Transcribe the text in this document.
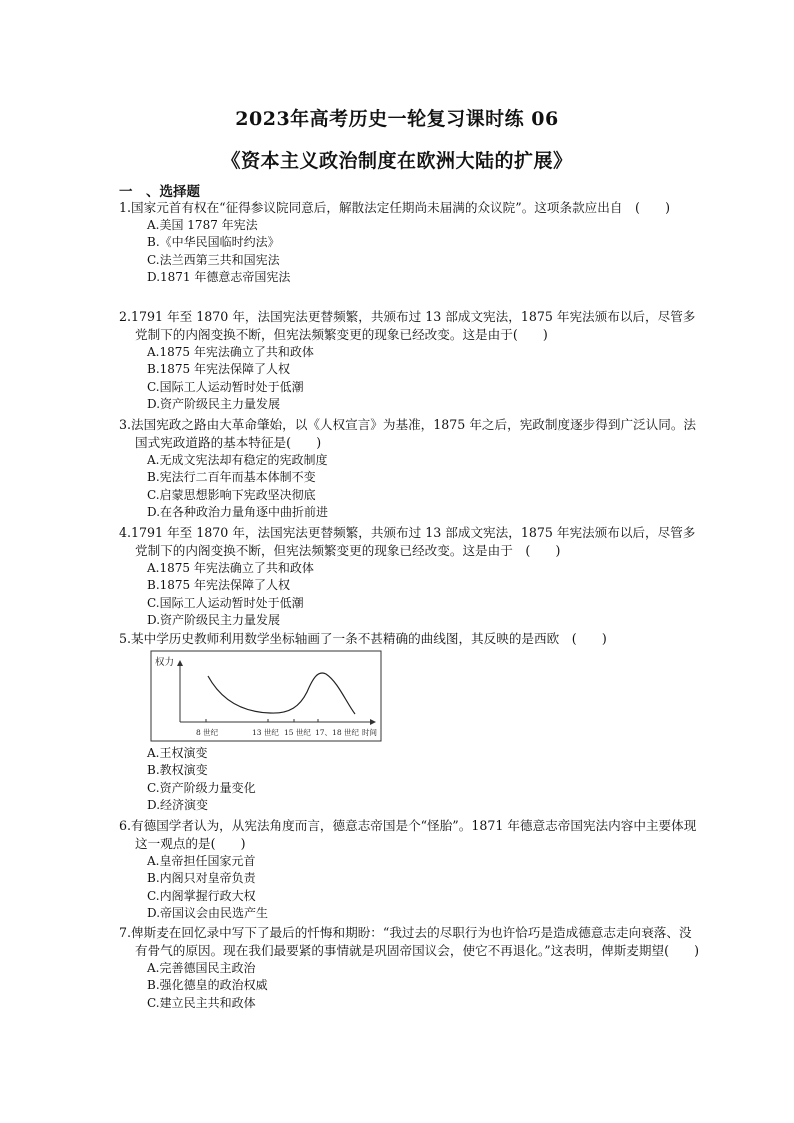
2023年高考历史一轮复习课时练 06
《资本主义政治制度在欧洲大陆的扩展》
一　、选择题
1.国家元首有权在“征得参议院同意后，解散法定任期尚未届满的众议院”。这项条款应出自　(　　)
A.美国 1787 年宪法
B.《中华民国临时约法》
C.法兰西第三共和国宪法
D.1871 年德意志帝国宪法
2.1791 年至 1870 年，法国宪法更替频繁，共颁布过 13 部成文宪法，1875 年宪法颁布以后，尽管多党制下的内阁变换不断，但宪法频繁变更的现象已经改变。这是由于(　　)
A.1875 年宪法确立了共和政体
B.1875 年宪法保障了人权
C.国际工人运动暂时处于低潮
D.资产阶级民主力量发展
3.法国宪政之路由大革命肇始，以《人权宣言》为基准，1875 年之后，宪政制度逐步得到广泛认同。法国式宪政道路的基本特征是(　　)
A.无成文宪法却有稳定的宪政制度
B.宪法行二百年而基本体制不变
C.启蒙思想影响下宪政坚决彻底
D.在各种政治力量角逐中曲折前进
4.1791 年至 1870 年，法国宪法更替频繁，共颁布过 13 部成文宪法，1875 年宪法颁布以后，尽管多党制下的内阁变换不断，但宪法频繁变更的现象已经改变。这是由于　(　　)
A.1875 年宪法确立了共和政体
B.1875 年宪法保障了人权
C.国际工人运动暂时处于低潮
D.资产阶级民主力量发展
5.某中学历史教师利用数学坐标轴画了一条不甚精确的曲线图，其反映的是西欧　(　　)
权力
8 世纪	13 世纪 15 世纪 17、18 世纪 时间
A.王权演变
B.教权演变
C.资产阶级力量变化
D.经济演变
6.有德国学者认为，从宪法角度而言，德意志帝国是个“怪胎”。1871 年德意志帝国宪法内容中主要体现这一观点的是(　　)
A.皇帝担任国家元首
B.内阁只对皇帝负责
C.内阁掌握行政大权
D.帝国议会由民选产生
7.俾斯麦在回忆录中写下了最后的忏悔和期盼：“我过去的尽职行为也许恰巧是造成德意志走向衰落、没有骨气的原因。现在我们最要紧的事情就是巩固帝国议会，使它不再退化。”这表明，俾斯麦期望(　　)
A.完善德国民主政治
B.强化德皇的政治权威
C.建立民主共和政体
